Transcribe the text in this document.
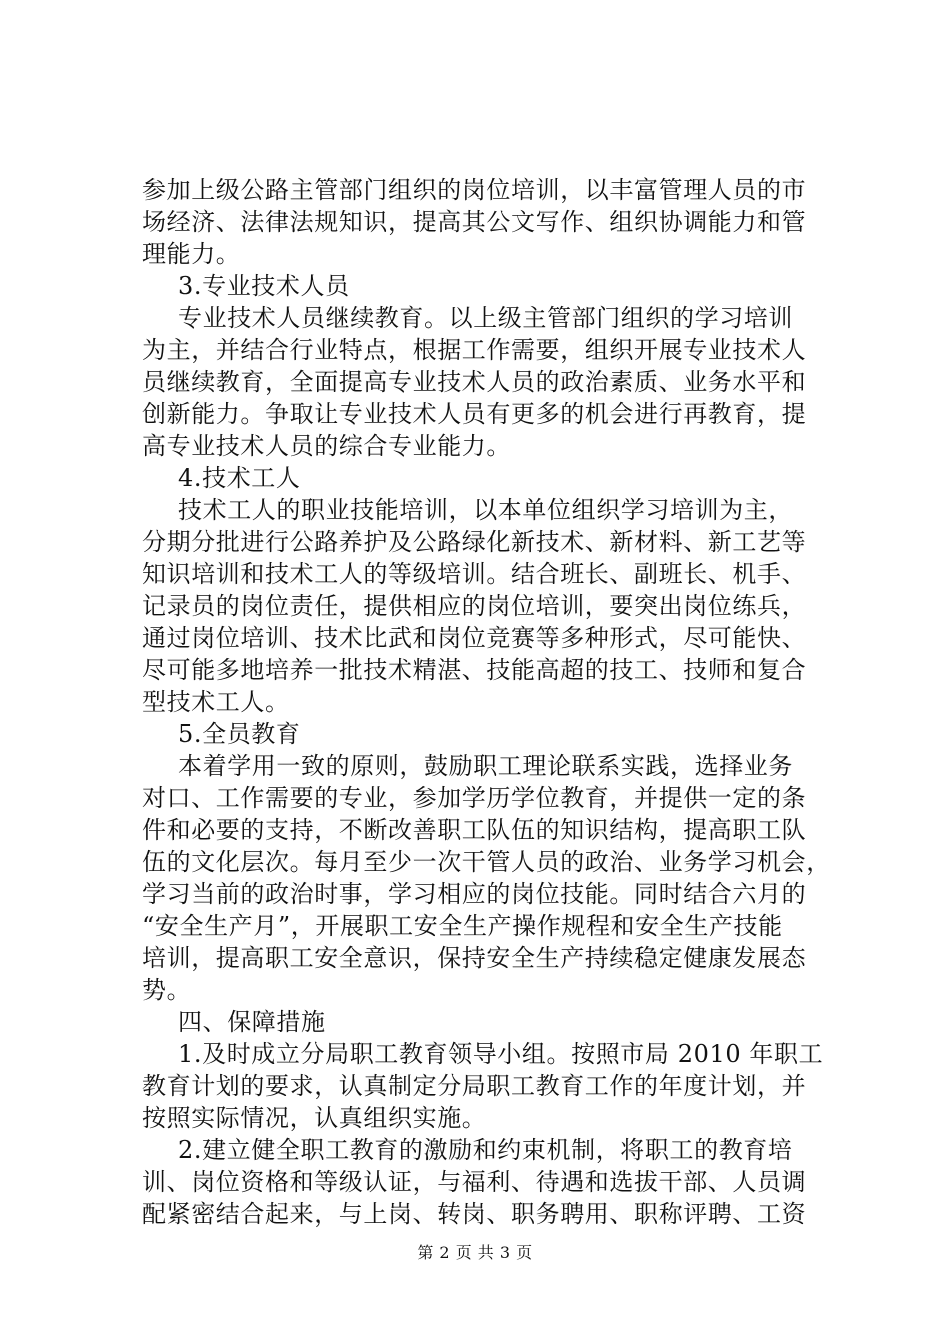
参加上级公路主管部门组织的岗位培训，以丰富管理人员的市
场经济、法律法规知识，提高其公文写作、组织协调能力和管
理能力。
3.专业技术人员
专业技术人员继续教育。以上级主管部门组织的学习培训
为主，并结合行业特点，根据工作需要，组织开展专业技术人
员继续教育，全面提高专业技术人员的政治素质、业务水平和
创新能力。争取让专业技术人员有更多的机会进行再教育，提
高专业技术人员的综合专业能力。
4.技术工人
技术工人的职业技能培训，以本单位组织学习培训为主，
分期分批进行公路养护及公路绿化新技术、新材料、新工艺等
知识培训和技术工人的等级培训。结合班长、副班长、机手、
记录员的岗位责任，提供相应的岗位培训，要突出岗位练兵，
通过岗位培训、技术比武和岗位竞赛等多种形式，尽可能快、
尽可能多地培养一批技术精湛、技能高超的技工、技师和复合
型技术工人。
5.全员教育
本着学用一致的原则，鼓励职工理论联系实践，选择业务
对口、工作需要的专业，参加学历学位教育，并提供一定的条
件和必要的支持，不断改善职工队伍的知识结构，提高职工队
伍的文化层次。每月至少一次干管人员的政治、业务学习机会，
学习当前的政治时事，学习相应的岗位技能。同时结合六月的
“安全生产月”，开展职工安全生产操作规程和安全生产技能
培训，提高职工安全意识，保持安全生产持续稳定健康发展态
势。
四、保障措施
1.及时成立分局职工教育领导小组。按照市局 2010 年职工
教育计划的要求，认真制定分局职工教育工作的年度计划，并
按照实际情况，认真组织实施。
2.建立健全职工教育的激励和约束机制，将职工的教育培
训、岗位资格和等级认证，与福利、待遇和选拔干部、人员调
配紧密结合起来，与上岗、转岗、职务聘用、职称评聘、工资
第 2 页 共 3 页
